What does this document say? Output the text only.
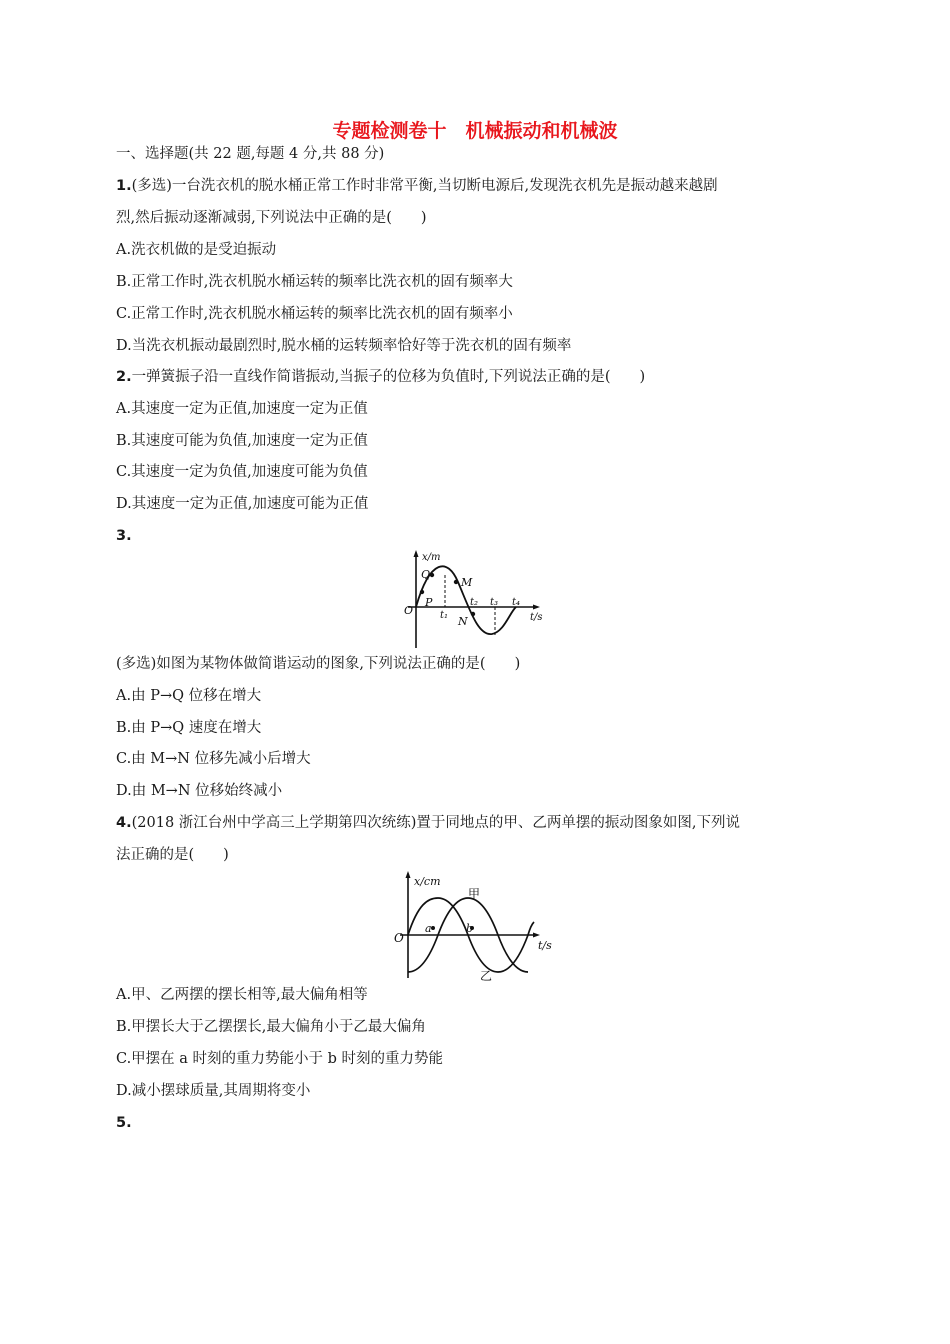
专题检测卷十　机械振动和机械波
一、选择题(共 22 题,每题 4 分,共 88 分)
1.(多选)一台洗衣机的脱水桶正常工作时非常平衡,当切断电源后,发现洗衣机先是振动越来越剧
烈,然后振动逐渐减弱,下列说法中正确的是(　　)
A.洗衣机做的是受迫振动
B.正常工作时,洗衣机脱水桶运转的频率比洗衣机的固有频率大
C.正常工作时,洗衣机脱水桶运转的频率比洗衣机的固有频率小
D.当洗衣机振动最剧烈时,脱水桶的运转频率恰好等于洗衣机的固有频率
2.一弹簧振子沿一直线作简谐振动,当振子的位移为负值时,下列说法正确的是(　　)
A.其速度一定为正值,加速度一定为正值
B.其速度可能为负值,加速度一定为正值
C.其速度一定为负值,加速度可能为负值
D.其速度一定为正值,加速度可能为正值
3.
x/m
t/s
O
P
Q
M
N
t₁
t₂ t₃ t₄
(多选)如图为某物体做简谐运动的图象,下列说法正确的是(　　)
A.由 P→Q 位移在增大
B.由 P→Q 速度在增大
C.由 M→N 位移先减小后增大
D.由 M→N 位移始终减小
4.(2018 浙江台州中学高三上学期第四次统练)置于同地点的甲、乙两单摆的振动图象如图,下列说
法正确的是(　　)
x/cm
t/s
O
a	b
甲
乙
A.甲、乙两摆的摆长相等,最大偏角相等
B.甲摆长大于乙摆摆长,最大偏角小于乙最大偏角
C.甲摆在 a 时刻的重力势能小于 b 时刻的重力势能
D.减小摆球质量,其周期将变小
5.
